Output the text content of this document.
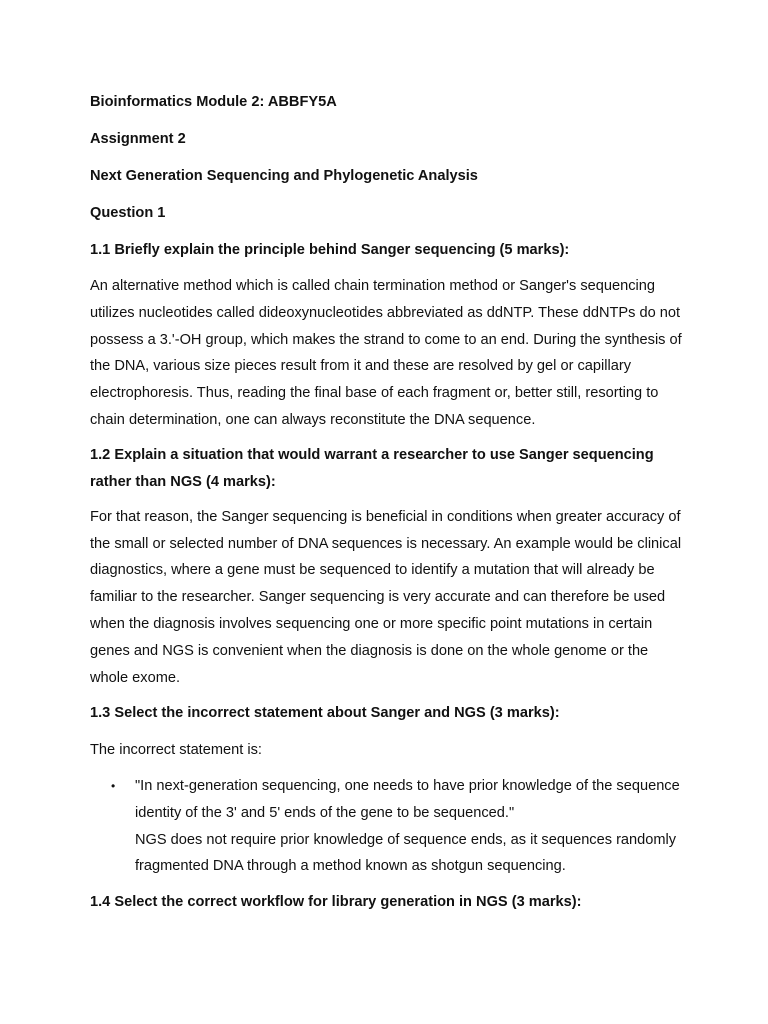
Bioinformatics Module 2: ABBFY5A

Assignment 2

Next Generation Sequencing and Phylogenetic Analysis

Question 1

1.1 Briefly explain the principle behind Sanger sequencing (5 marks):

An alternative method which is called chain termination method or Sanger's sequencing utilizes nucleotides called dideoxynucleotides abbreviated as ddNTP. These ddNTPs do not possess a 3.'-OH group, which makes the strand to come to an end. During the synthesis of the DNA, various size pieces result from it and these are resolved by gel or capillary electrophoresis. Thus, reading the final base of each fragment or, better still, resorting to chain determination, one can always reconstitute the DNA sequence.

1.2 Explain a situation that would warrant a researcher to use Sanger sequencing rather than NGS (4 marks):

For that reason, the Sanger sequencing is beneficial in conditions when greater accuracy of the small or selected number of DNA sequences is necessary. An example would be clinical diagnostics, where a gene must be sequenced to identify a mutation that will already be familiar to the researcher. Sanger sequencing is very accurate and can therefore be used when the diagnosis involves sequencing one or more specific point mutations in certain genes and NGS is convenient when the diagnosis is done on the whole genome or the whole exome.

1.3 Select the incorrect statement about Sanger and NGS (3 marks):

The incorrect statement is:

• "In next-generation sequencing, one needs to have prior knowledge of the sequence identity of the 3' and 5' ends of the gene to be sequenced."
NGS does not require prior knowledge of sequence ends, as it sequences randomly fragmented DNA through a method known as shotgun sequencing.

1.4 Select the correct workflow for library generation in NGS (3 marks):
